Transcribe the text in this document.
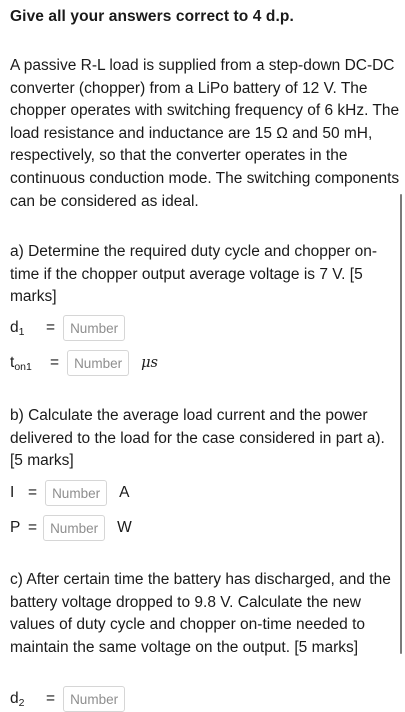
Give all your answers correct to 4 d.p.

A passive R-L load is supplied from a step-down DC-DC converter (chopper) from a LiPo battery of 12 V. The chopper operates with switching frequency of 6 kHz. The load resistance and inductance are 15 Ω and 50 mH, respectively, so that the converter operates in the continuous conduction mode. The switching components can be considered as ideal.

a) Determine the required duty cycle and chopper on-time if the chopper output average voltage is 7 V. [5 marks]

$d_1$	=
Number
$t_{on1}$	=
Number	μs

b) Calculate the average load current and the power delivered to the load for the case considered in part a). [5 marks]

I =
Number	A
P =
Number	W

c) After certain time the battery has discharged, and the battery voltage dropped to 9.8 V. Calculate the new values of duty cycle and chopper on-time needed to maintain the same voltage on the output. [5 marks]

$d_2$	=
Number
